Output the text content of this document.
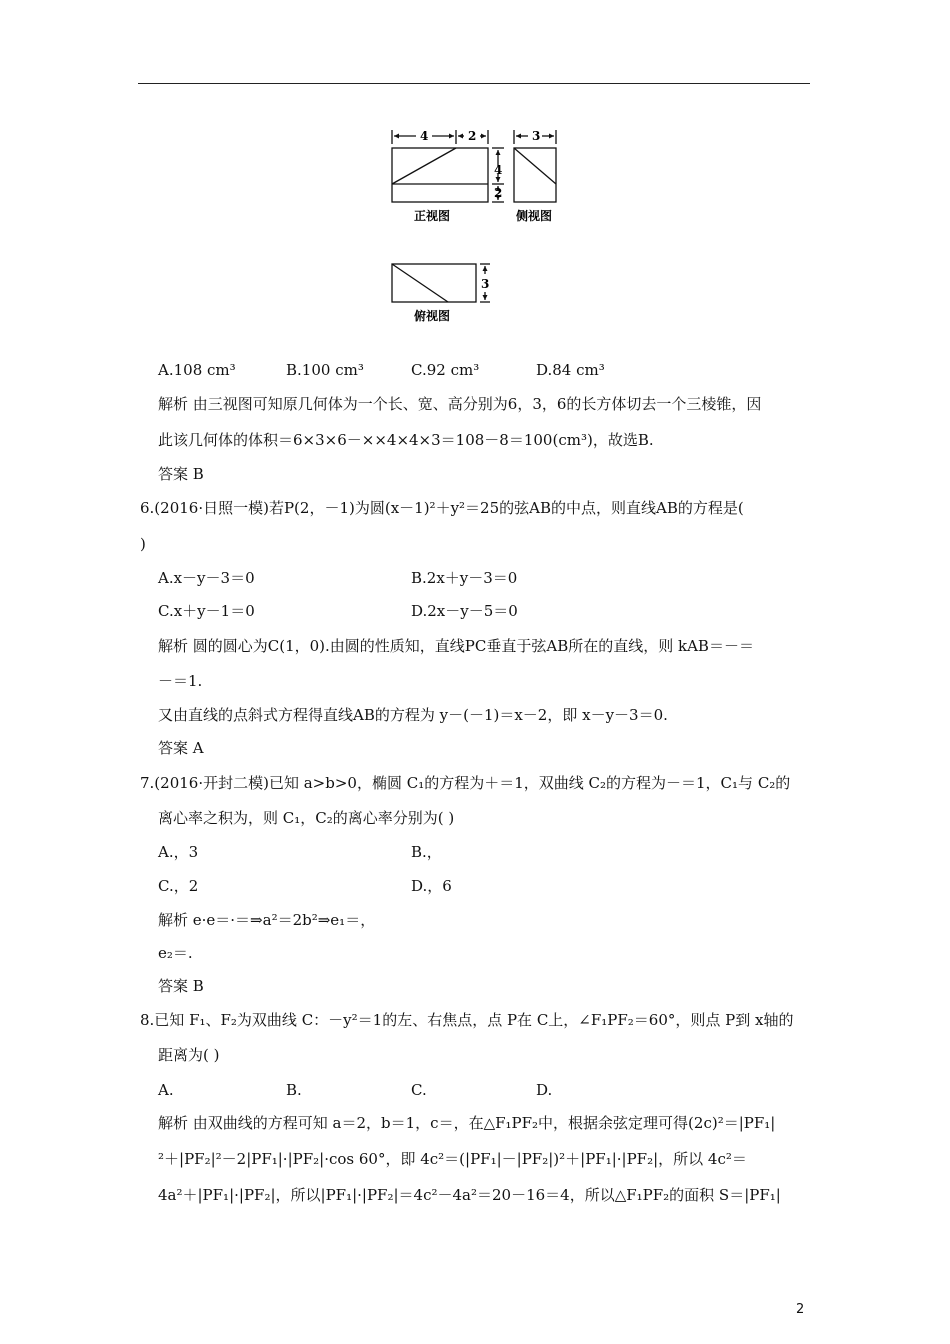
4	2
4
2
3
3
正视图	侧视图
俯视图
A.108 cm³	B.100 cm³	C.92 cm³	D.84 cm³
解析 由三视图可知原几何体为一个长、宽、高分别为6，3，6的长方体切去一个三棱锥，因
此该几何体的体积＝6×3×6－××4×4×3＝108－8＝100(cm³)，故选B.
答案 B
6.(2016·日照一模)若P(2，－1)为圆(x－1)²＋y²＝25的弦AB的中点，则直线AB的方程是(
)
A.x－y－3＝0	B.2x＋y－3＝0
C.x＋y－1＝0	D.2x－y－5＝0
解析 圆的圆心为C(1，0).由圆的性质知，直线PC垂直于弦AB所在的直线，则 kAB＝－＝
－＝1.
又由直线的点斜式方程得直线AB的方程为 y－(－1)＝x－2，即 x－y－3＝0.
答案 A
7.(2016·开封二模)已知 a>b>0，椭圆 C₁的方程为＋＝1，双曲线 C₂的方程为－＝1，C₁与 C₂的
离心率之积为，则 C₁，C₂的离心率分别为( )
A.，3	B.，
C.，2	D.，6
解析 e·e＝·＝⇒a²＝2b²⇒e₁＝，
e₂＝.
答案 B
8.已知 F₁、F₂为双曲线 C：－y²＝1的左、右焦点，点 P在 C上，∠F₁PF₂＝60°，则点 P到 x轴的
距离为( )
A.	B.	C.	D.
解析 由双曲线的方程可知 a＝2，b＝1，c＝，在△F₁PF₂中，根据余弦定理可得(2c)²＝|PF₁|
²＋|PF₂|²－2|PF₁|·|PF₂|·cos 60°，即 4c²＝(|PF₁|－|PF₂|)²＋|PF₁|·|PF₂|，所以 4c²＝
4a²＋|PF₁|·|PF₂|，所以|PF₁|·|PF₂|＝4c²－4a²＝20－16＝4，所以△F₁PF₂的面积 S＝|PF₁|
2
